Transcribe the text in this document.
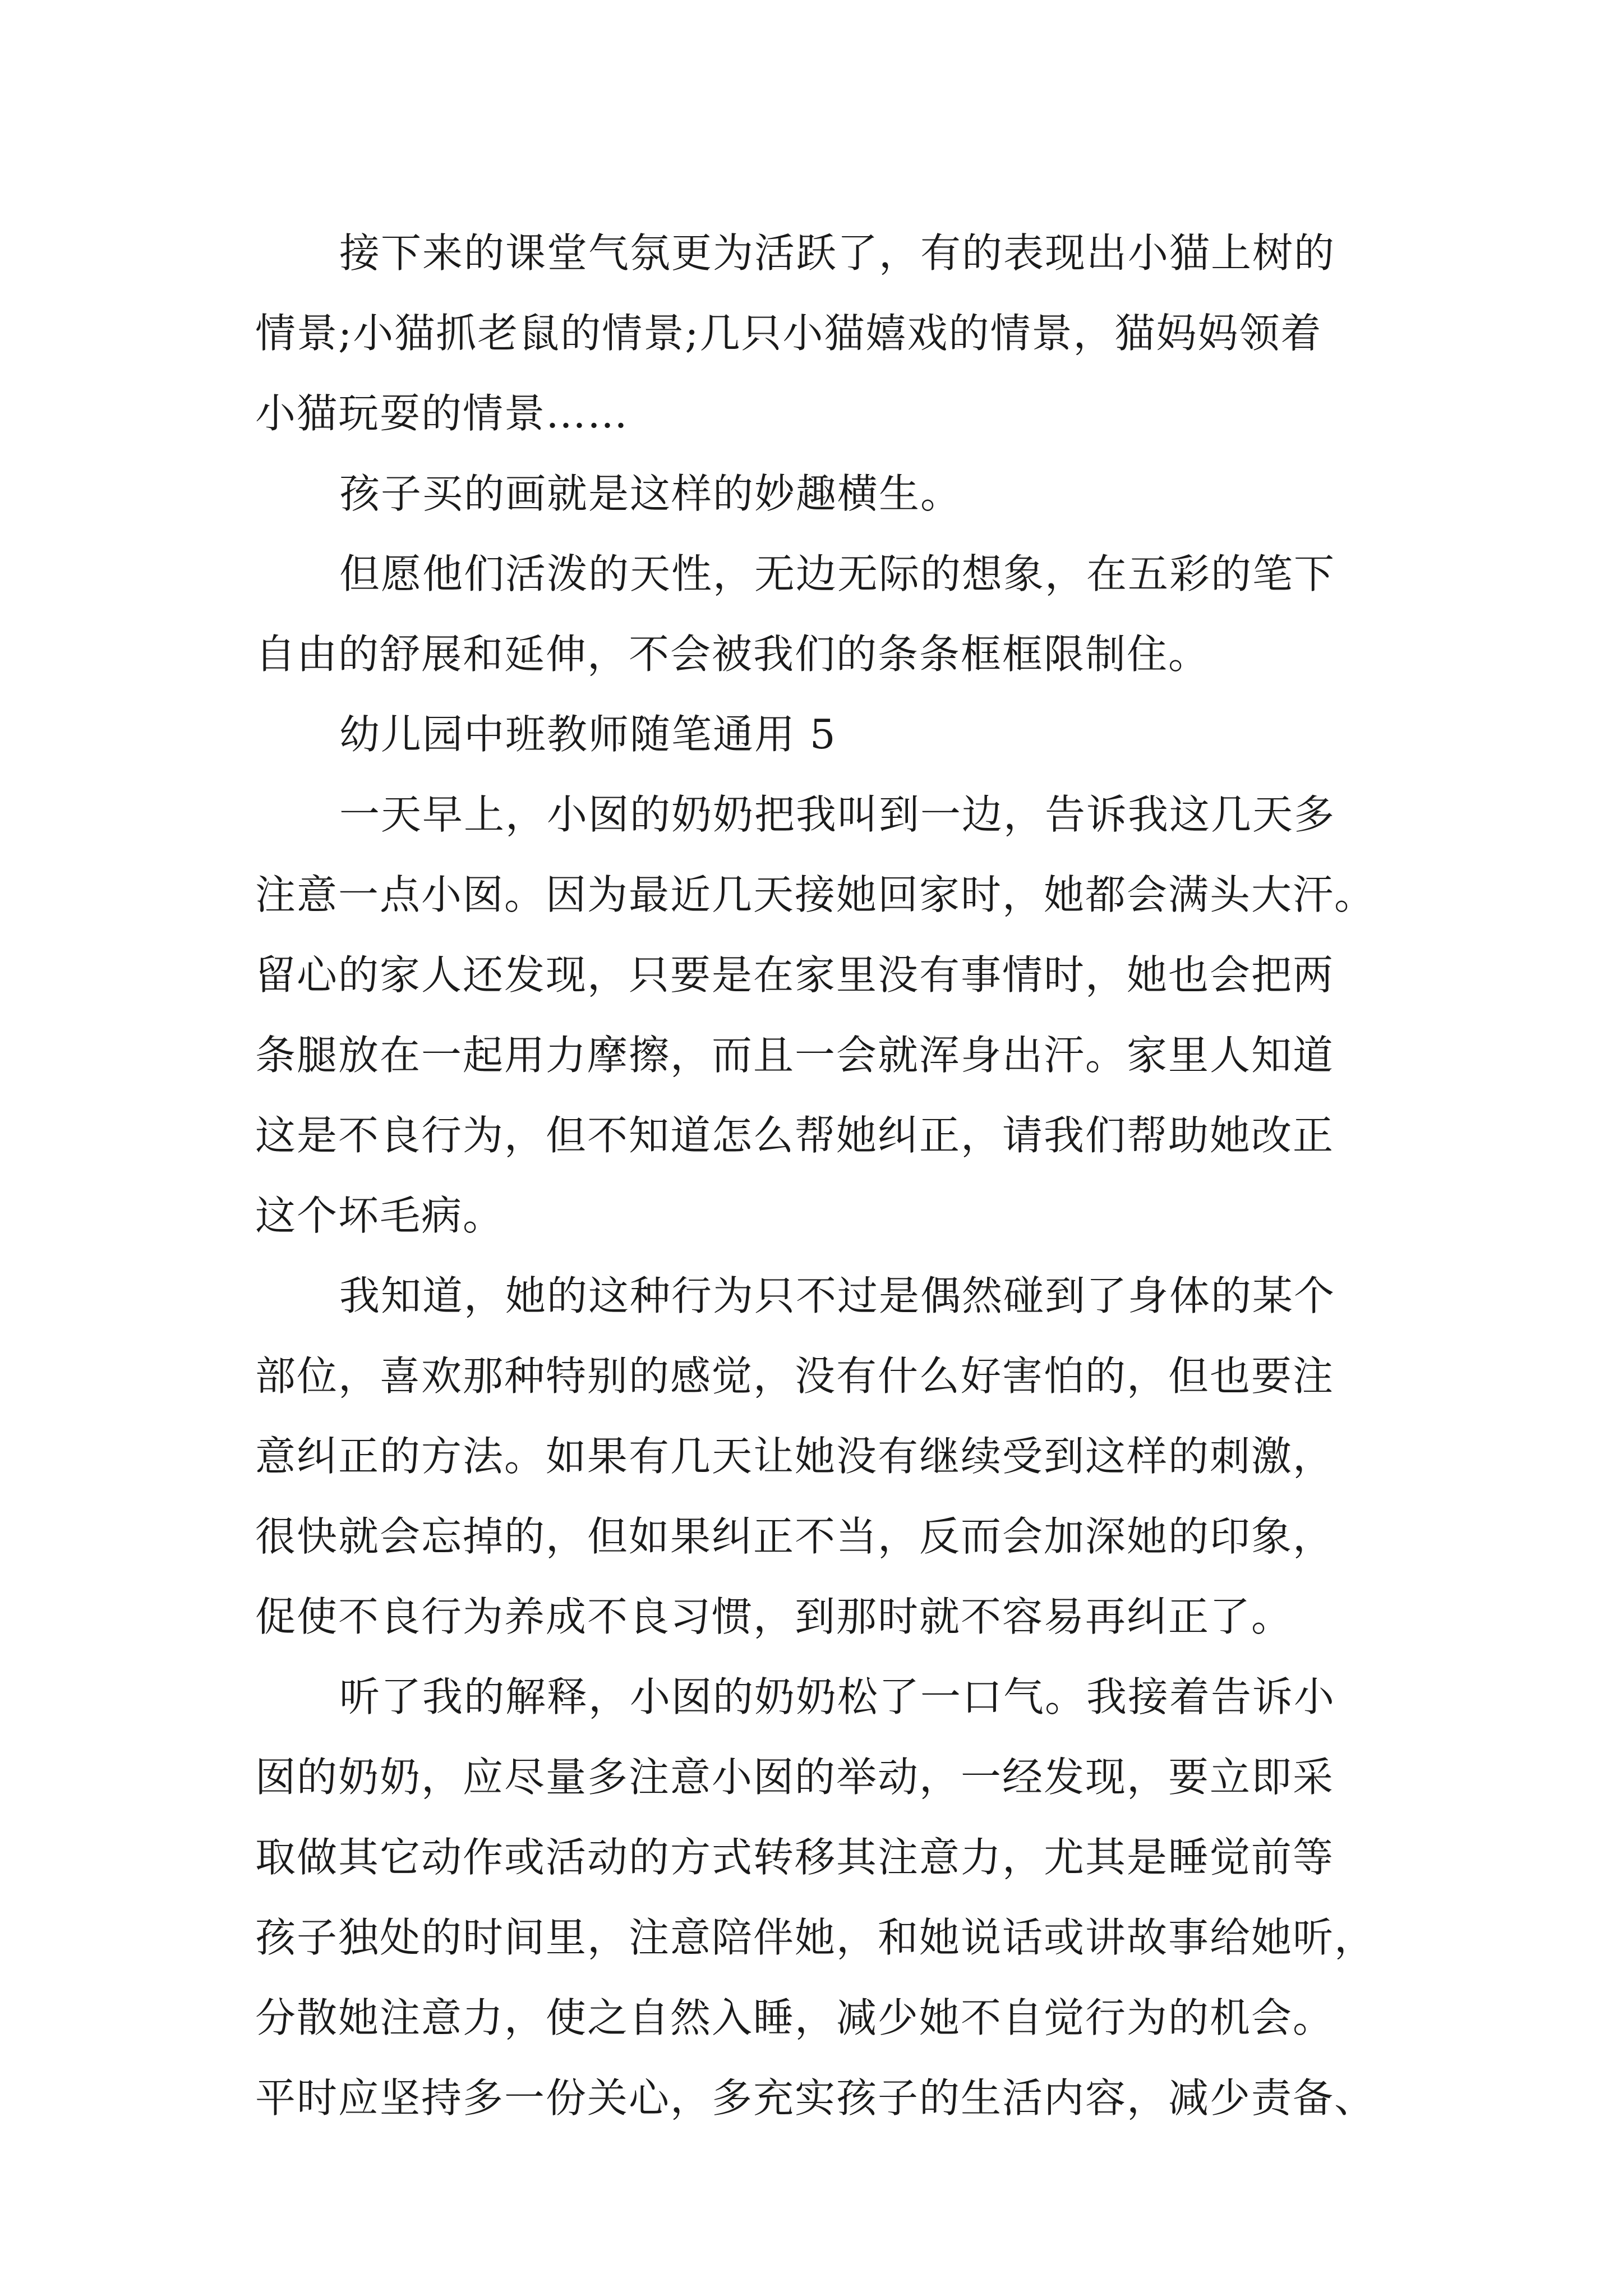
接下来的课堂气氛更为活跃了，有的表现出小猫上树的
情景;小猫抓老鼠的情景;几只小猫嬉戏的情景，猫妈妈领着
小猫玩耍的情景……
孩子买的画就是这样的妙趣横生。
但愿他们活泼的天性，无边无际的想象，在五彩的笔下
自由的舒展和延伸，不会被我们的条条框框限制住。
幼儿园中班教师随笔通用 5
一天早上，小囡的奶奶把我叫到一边，告诉我这几天多
注意一点小囡。因为最近几天接她回家时，她都会满头大汗。
留心的家人还发现，只要是在家里没有事情时，她也会把两
条腿放在一起用力摩擦，而且一会就浑身出汗。家里人知道
这是不良行为，但不知道怎么帮她纠正，请我们帮助她改正
这个坏毛病。
我知道，她的这种行为只不过是偶然碰到了身体的某个
部位，喜欢那种特别的感觉，没有什么好害怕的，但也要注
意纠正的方法。如果有几天让她没有继续受到这样的刺激，
很快就会忘掉的，但如果纠正不当，反而会加深她的印象，
促使不良行为养成不良习惯，到那时就不容易再纠正了。
听了我的解释，小囡的奶奶松了一口气。我接着告诉小
囡的奶奶，应尽量多注意小囡的举动，一经发现，要立即采
取做其它动作或活动的方式转移其注意力，尤其是睡觉前等
孩子独处的时间里，注意陪伴她，和她说话或讲故事给她听，
分散她注意力，使之自然入睡，减少她不自觉行为的机会。
平时应坚持多一份关心，多充实孩子的生活内容，减少责备、
